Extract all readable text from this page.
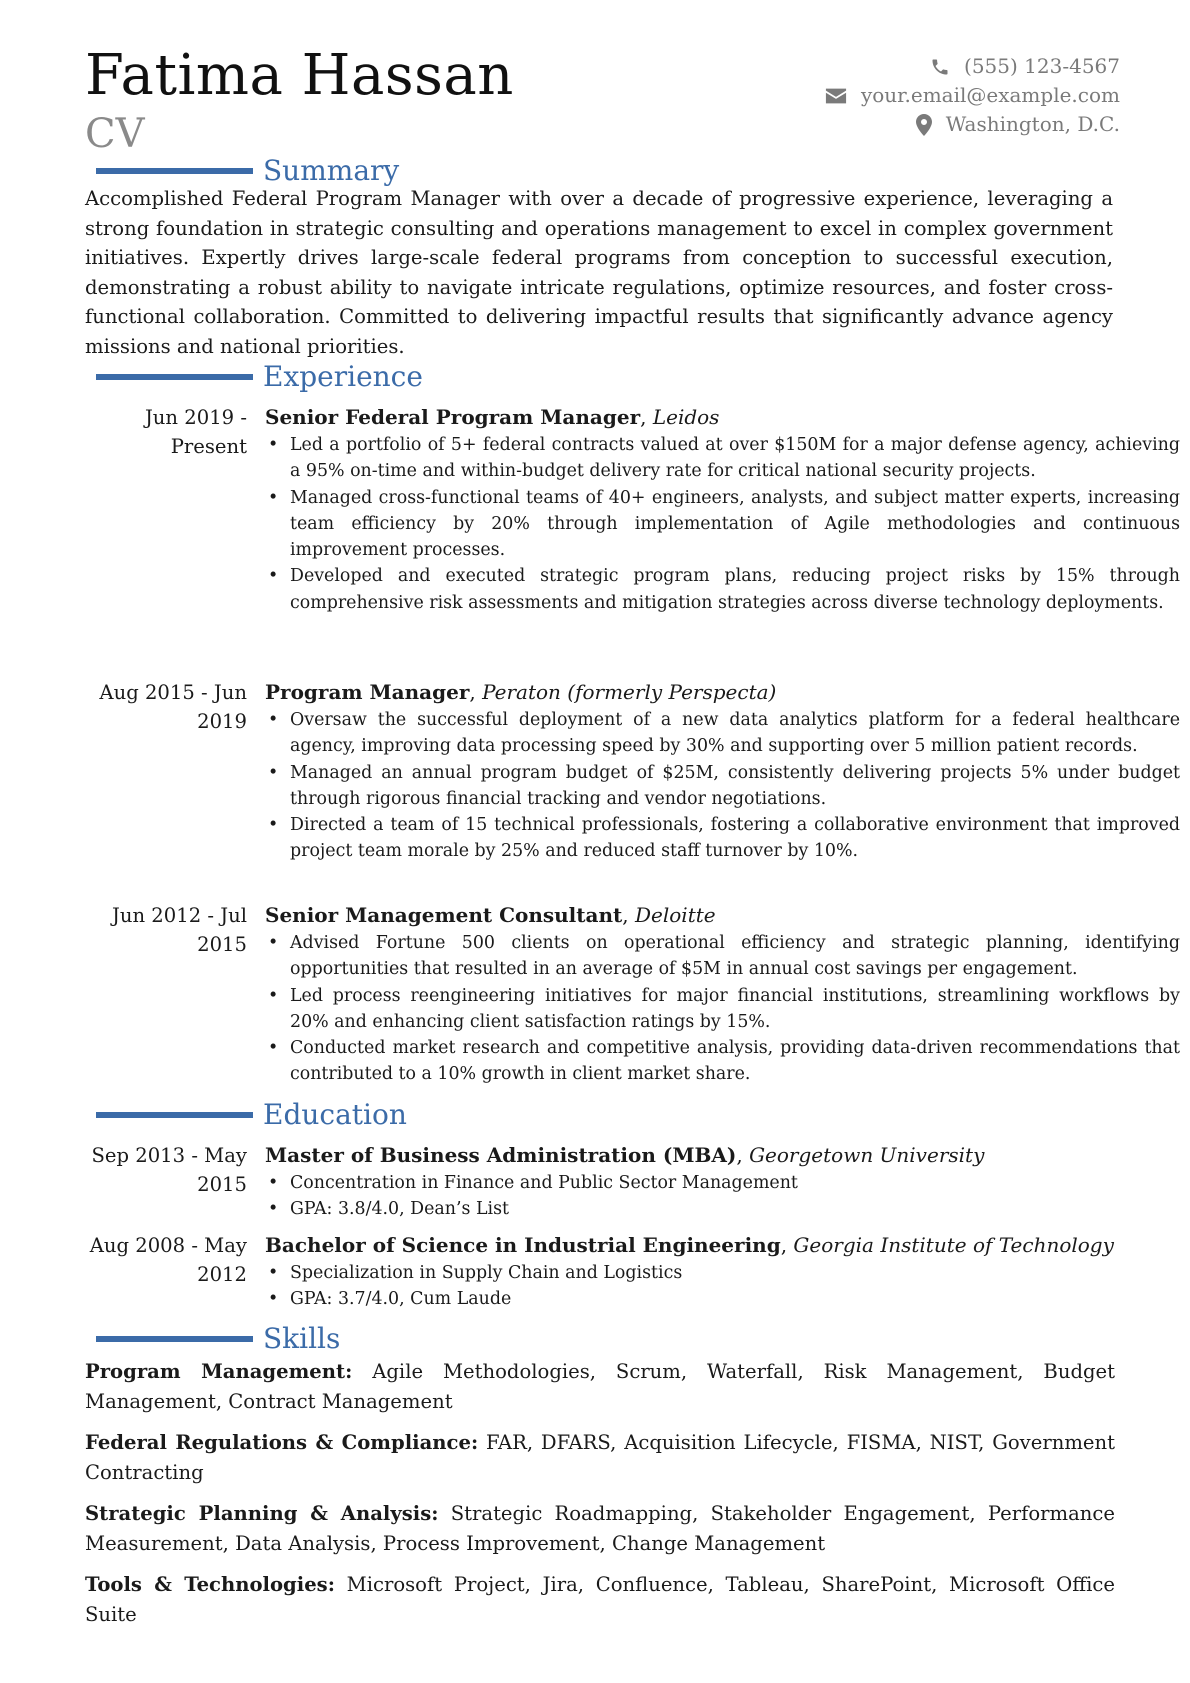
Fatima Hassan
CV
(555) 123-4567
your.email@example.com
Washington, D.C.
Summary
Accomplished Federal Program Manager with over a decade of progressive experience, leveraging a strong foundation in strategic consulting and operations management to excel in complex government initiatives. Expertly drives large-scale federal programs from conception to successful execution, demonstrating a robust ability to navigate intricate regulations, optimize resources, and foster cross-functional collaboration. Committed to delivering impactful results that significantly advance agency missions and national priorities.
Experience
Jun 2019 - Present
Senior Federal Program Manager, Leidos
• Led a portfolio of 5+ federal contracts valued at over $150M for a major defense agency, achieving a 95% on-time and within-budget delivery rate for critical national security projects.
• Managed cross-functional teams of 40+ engineers, analysts, and subject matter experts, increasing team efficiency by 20% through implementation of Agile methodologies and continuous improvement processes.
• Developed and executed strategic program plans, reducing project risks by 15% through comprehensive risk assessments and mitigation strategies across diverse technology deployments.
Aug 2015 - Jun 2019
Program Manager, Peraton (formerly Perspecta)
• Oversaw the successful deployment of a new data analytics platform for a federal healthcare agency, improving data processing speed by 30% and supporting over 5 million patient records.
• Managed an annual program budget of $25M, consistently delivering projects 5% under budget through rigorous financial tracking and vendor negotiations.
• Directed a team of 15 technical professionals, fostering a collaborative environment that improved project team morale by 25% and reduced staff turnover by 10%.
Jun 2012 - Jul 2015
Senior Management Consultant, Deloitte
• Advised Fortune 500 clients on operational efficiency and strategic planning, identifying opportunities that resulted in an average of $5M in annual cost savings per engagement.
• Led process reengineering initiatives for major financial institutions, streamlining workflows by 20% and enhancing client satisfaction ratings by 15%.
• Conducted market research and competitive analysis, providing data-driven recommendations that contributed to a 10% growth in client market share.
Education
Sep 2013 - May 2015
Master of Business Administration (MBA), Georgetown University
• Concentration in Finance and Public Sector Management
• GPA: 3.8/4.0, Dean’s List
Aug 2008 - May 2012
Bachelor of Science in Industrial Engineering, Georgia Institute of Technology
• Specialization in Supply Chain and Logistics
• GPA: 3.7/4.0, Cum Laude
Skills
Program Management: Agile Methodologies, Scrum, Waterfall, Risk Management, Budget Management, Contract Management
Federal Regulations & Compliance: FAR, DFARS, Acquisition Lifecycle, FISMA, NIST, Government Contracting
Strategic Planning & Analysis: Strategic Roadmapping, Stakeholder Engagement, Performance Measurement, Data Analysis, Process Improvement, Change Management
Tools & Technologies: Microsoft Project, Jira, Confluence, Tableau, SharePoint, Microsoft Office Suite
